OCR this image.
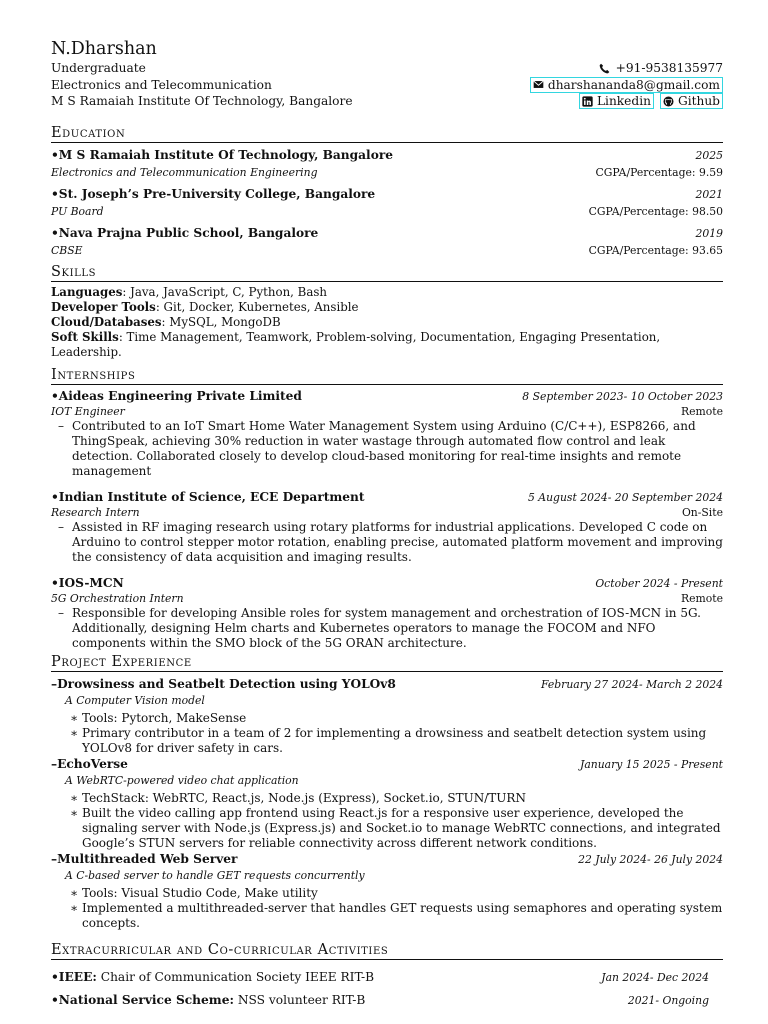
N.Dharshan
Undergraduate	+91-9538135977
Electronics and Telecommunication	dharshananda8@gmail.com
M S Ramaiah Institute Of Technology, Bangalore	Linkedin Github
Education
•M S Ramaiah Institute Of Technology, Bangalore	2025
Electronics and Telecommunication Engineering	CGPA/Percentage: 9.59
•St. Joseph’s Pre-University College, Bangalore	2021
PU Board	CGPA/Percentage: 98.50
•Nava Prajna Public School, Bangalore	2019
CBSE	CGPA/Percentage: 93.65
Skills
Languages: Java, JavaScript, C, Python, Bash
Developer Tools: Git, Docker, Kubernetes, Ansible
Cloud/Databases: MySQL, MongoDB
Soft Skills: Time Management, Teamwork, Problem-solving, Documentation, Engaging Presentation, Leadership.
Internships
•Aideas Engineering Private Limited	8 September 2023- 10 October 2023
IOT Engineer	Remote
– Contributed to an IoT Smart Home Water Management System using Arduino (C/C++), ESP8266, and ThingSpeak, achieving 30% reduction in water wastage through automated flow control and leak detection. Collaborated closely to develop cloud-based monitoring for real-time insights and remote management
•Indian Institute of Science, ECE Department	5 August 2024- 20 September 2024
Research Intern	On-Site
– Assisted in RF imaging research using rotary platforms for industrial applications. Developed C code on Arduino to control stepper motor rotation, enabling precise, automated platform movement and improving the consistency of data acquisition and imaging results.
•IOS-MCN	October 2024 - Present
5G Orchestration Intern	Remote
– Responsible for developing Ansible roles for system management and orchestration of IOS-MCN in 5G. Additionally, designing Helm charts and Kubernetes operators to manage the FOCOM and NFO components within the SMO block of the 5G ORAN architecture.
Project Experience
–Drowsiness and Seatbelt Detection using YOLOv8	February 27 2024- March 2 2024
A Computer Vision model
∗ Tools: Pytorch, MakeSense
∗ Primary contributor in a team of 2 for implementing a drowsiness and seatbelt detection system using YOLOv8 for driver safety in cars.
–EchoVerse	January 15 2025 - Present
A WebRTC-powered video chat application
∗ TechStack: WebRTC, React.js, Node.js (Express), Socket.io, STUN/TURN
∗ Built the video calling app frontend using React.js for a responsive user experience, developed the signaling server with Node.js (Express.js) and Socket.io to manage WebRTC connections, and integrated Google’s STUN servers for reliable connectivity across different network conditions.
–Multithreaded Web Server	22 July 2024- 26 July 2024
A C-based server to handle GET requests concurrently
∗ Tools: Visual Studio Code, Make utility
∗ Implemented a multithreaded-server that handles GET requests using semaphores and operating system concepts.
Extracurricular and Co-curricular Activities
•IEEE: Chair of Communication Society IEEE RIT-B	Jan 2024- Dec 2024
•National Service Scheme: NSS volunteer RIT-B	2021- Ongoing
